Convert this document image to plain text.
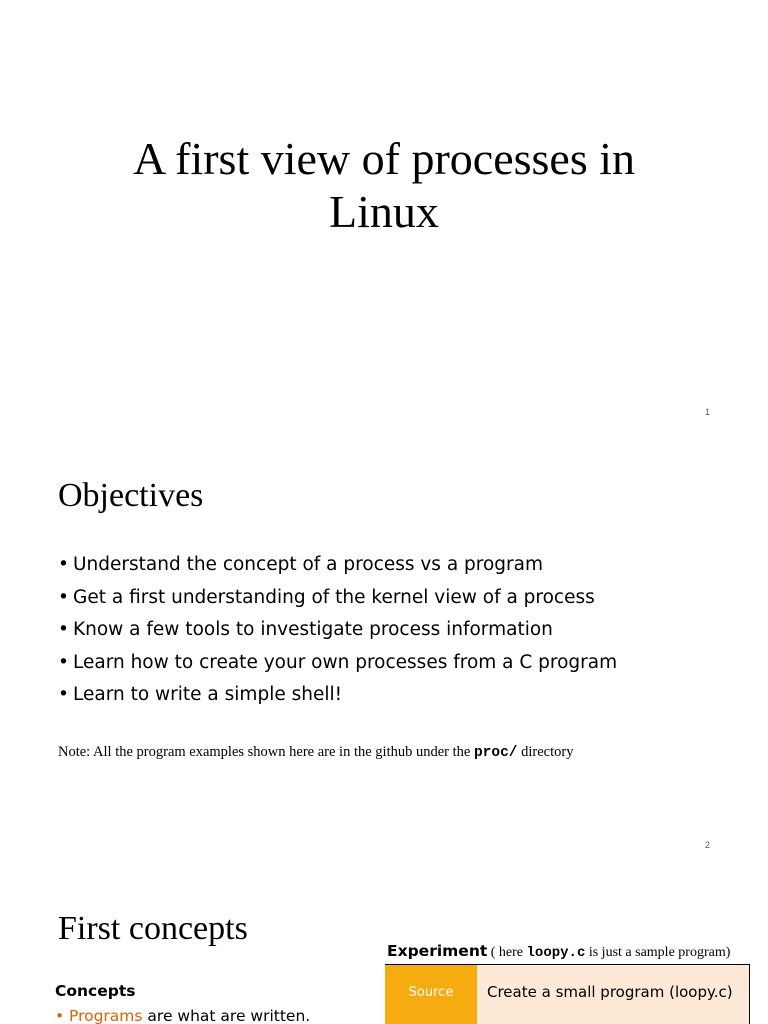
A first view of processes in
Linux
1
Objectives
• Understand the concept of a process vs a program
• Get a first understanding of the kernel view of a process
• Know a few tools to investigate process information
• Learn how to create your own processes from a C program
• Learn to write a simple shell!
Note: All the program examples shown here are in the github under the proc/ directory
2
First concepts
Concepts
• Programs are what are written.
Experiment ( here loopy.c is just a sample program)
Source	Create a small program (loopy.c)
